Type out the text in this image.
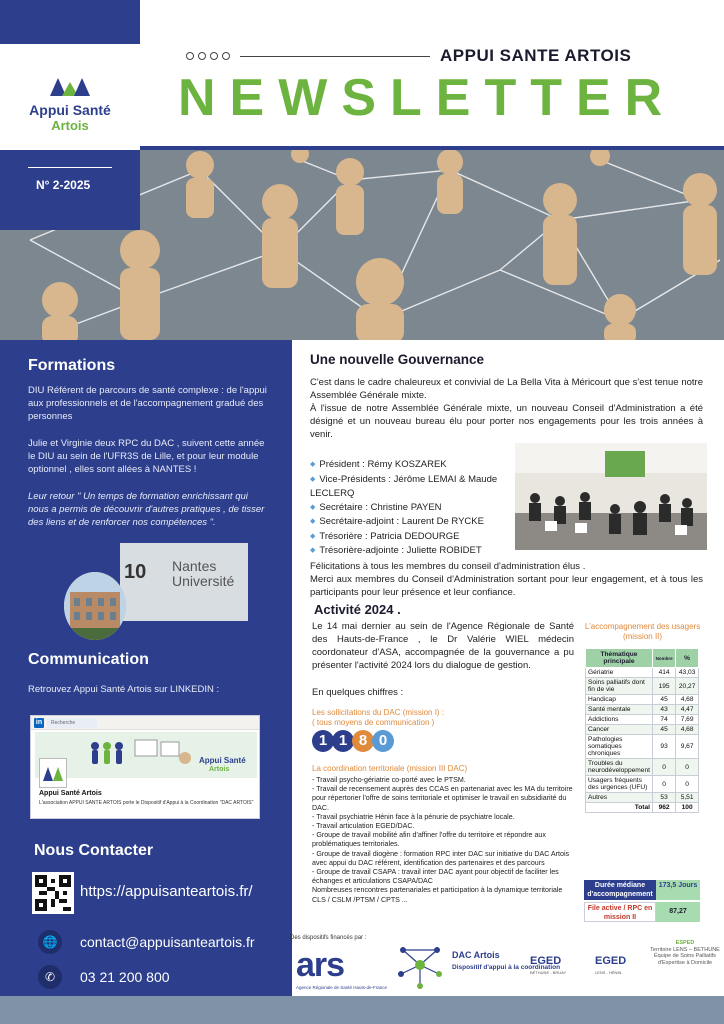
Appui Santé
Artois
APPUI SANTE ARTOIS
NEWSLETTER
N° 2-2025
Formations
DIU Référent de parcours de santé complexe : de l'appui aux professionnels et de l'accompagnement gradué des personnes
Julie et Virginie deux RPC du DAC , suivent cette année le DIU au sein de l'UFR3S de Lille, et pour leur module optionnel , elles sont allées à NANTES !
Leur retour " Un temps de formation enrichissant qui nous a permis de découvrir d'autres pratiques , de tisser des liens et de renforcer nos compétences ".
10 Nantes Université
Communication
Retrouvez Appui Santé Artois sur LINKEDIN :
in	Recherche
Appui Santé
Artois
Appui Santé Artois
L'association APPUI SANTE ARTOIS porte le Dispositif d'Appui à la Coordination "DAC ARTOIS"
Nous Contacter
https://appuisanteartois.fr/
🌐	contact@appuisanteartois.fr
✆	03 21 200 800
Une nouvelle Gouvernance
C'est dans le cadre chaleureux et convivial de La Bella Vita à Méricourt que s'est tenue notre Assemblée Générale mixte.
À l'issue de notre Assemblée Générale mixte, un nouveau Conseil d'Administration a été désigné et un nouveau bureau élu pour porter nos engagements pour les trois années à venir.
◆ Président : Rémy KOSZAREK
◆ Vice-Présidents : Jérôme LEMAI & Maude LECLERQ
◆ Secrétaire : Christine PAYEN
◆ Secrétaire-adjoint : Laurent De RYCKE
◆ Trésorière : Patricia DEDOURGE
◆ Trésorière-adjointe : Juliette ROBIDET
Félicitations à tous les membres du conseil d'administration élus .
Merci aux membres du Conseil d'Administration sortant pour leur engagement, et à tous les participants pour leur présence et leur confiance.
Activité 2024 .
Le 14 mai dernier au sein de l'Agence Régionale de Santé des Hauts-de-France , le Dr Valérie WIEL médecin coordonateur d'ASA, accompagnée de la gouvernance a pu présenter l'activité 2024 lors du dialogue de gestion.
En quelques chiffres :
Les sollicitations du DAC (mission I) :
( tous moyens de communication )
1 1 8 0
La coordination territoriale (mission III DAC)
- Travail psycho-gériatrie co-porté avec le PTSM.
- Travail de recensement auprès des CCAS en partenariat avec les MA du territoire pour répertorier l'offre de soins territoriale et optimiser le travail en subsidiarité du DAC.
- Travail psychiatrie Hénin face à la pénurie de psychiatre locale.
- Travail articulation EGED/DAC.
- Groupe de travail mobilité afin d'affiner l'offre du territoire et répondre aux problématiques territoriales.
- Groupe de travail diogène : formation RPC inter DAC sur initiative du DAC Artois avec appui du DAC référent, identification des partenaires et des parcours
- Groupe de travail CSAPA : travail inter DAC ayant pour objectif de faciliter les échanges et articulations CSAPA/DAC
Nombreuses rencontres partenariales et participation à la dynamique territoriale CLS / CSLM /PTSM / CPTS ...
L'accompagnement des usagers (mission II)
Thématique principale	Nombre	%
Gériatrie	414	43,03
Soins palliatifs dont fin de vie	195	20,27
Handicap	45	4,68
Santé mentale	43	4,47
Addictions	74	7,69
Cancer	45	4,68
Pathologies somatiques chroniques	93	9,67
Troubles du neurodéveloppement	0	0
Usagers fréquents des urgences (UFU)	0	0
Autres	53	5,51
Total	962	100
Durée médiane d'accompagnement
173,5 Jours
File active / RPC en mission II
87,27
Des dispositifs financés par :
ars
Agence Régionale de Santé Hauts-de-France
DAC Artois
Dispositif d'appui à la coordination
EGED
BÉTHUNE - BRUAY
EGED
LENS - HÉNIN
ESPED
Territoire LENS – BETHUNE
Équipe de Soins Palliatifs d'Expertise à Domicile
